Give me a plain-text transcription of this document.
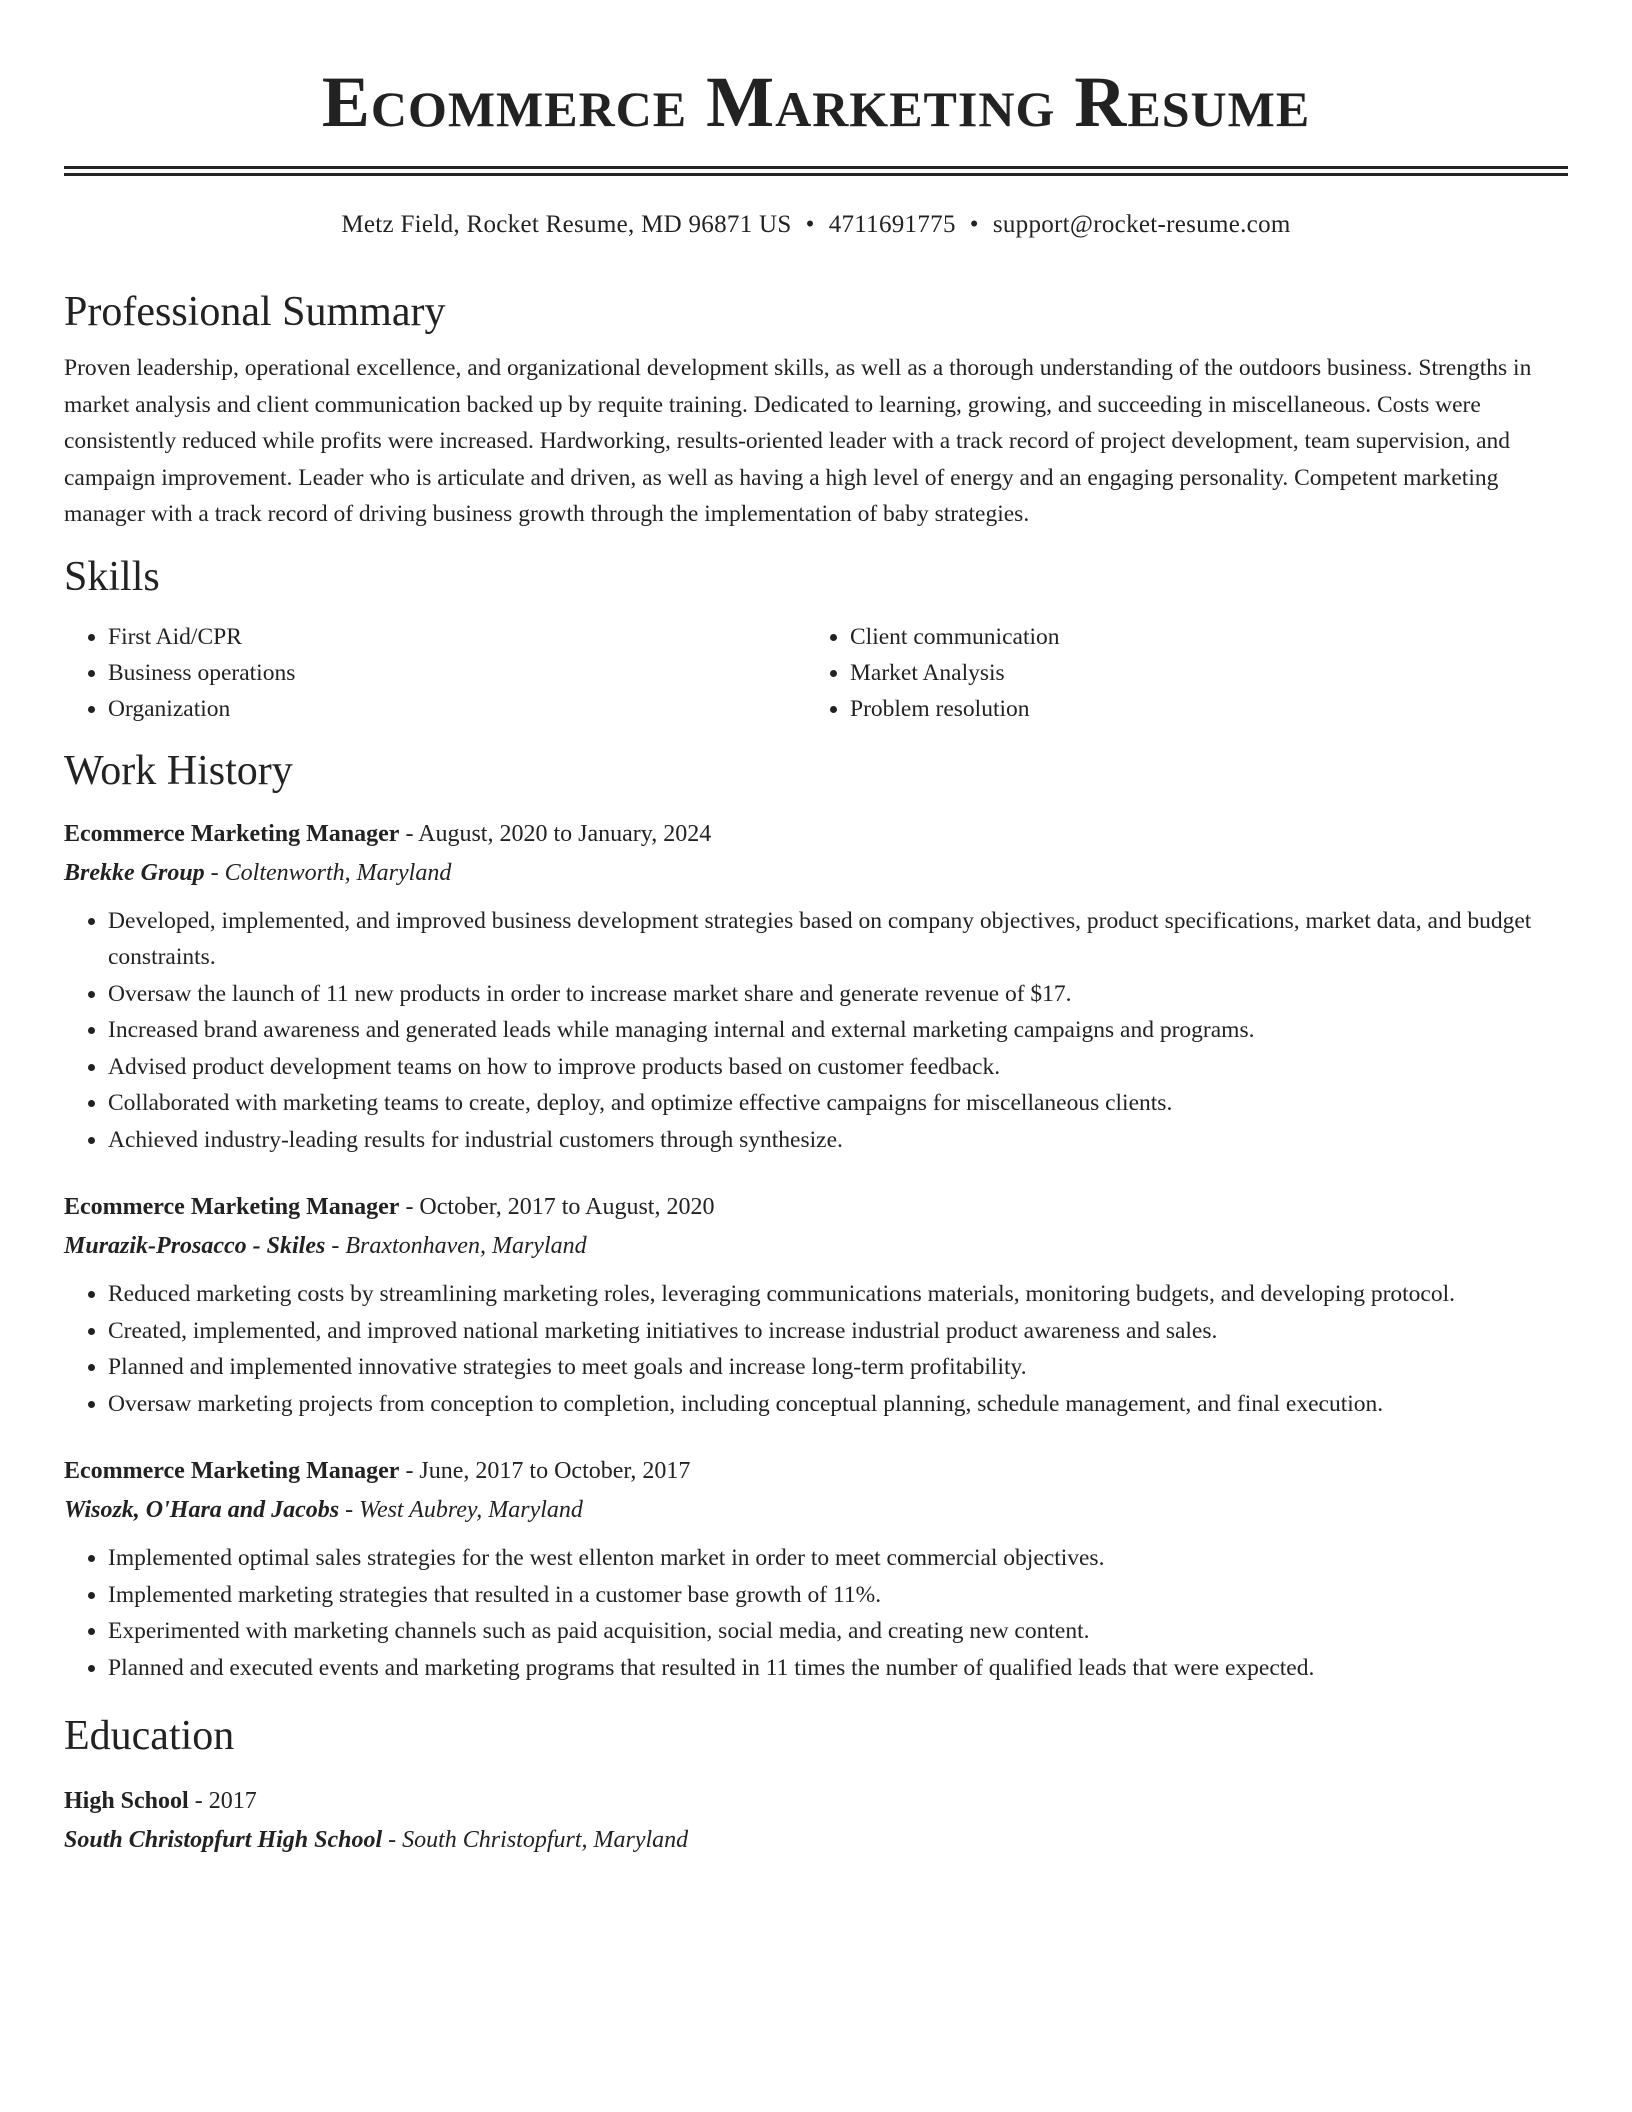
Ecommerce Marketing Resume
Metz Field, Rocket Resume, MD 96871 US • 4711691775 • support@rocket-resume.com
Professional Summary
Proven leadership, operational excellence, and organizational development skills, as well as a thorough understanding of the outdoors business. Strengths in market analysis and client communication backed up by requite training. Dedicated to learning, growing, and succeeding in miscellaneous. Costs were consistently reduced while profits were increased. Hardworking, results-oriented leader with a track record of project development, team supervision, and campaign improvement. Leader who is articulate and driven, as well as having a high level of energy and an engaging personality. Competent marketing manager with a track record of driving business growth through the implementation of baby strategies.
Skills
• First Aid/CPR
• Business operations
• Organization
• Client communication
• Market Analysis
• Problem resolution
Work History
Ecommerce Marketing Manager - August, 2020 to January, 2024
Brekke Group - Coltenworth, Maryland
• Developed, implemented, and improved business development strategies based on company objectives, product specifications, market data, and budget constraints.
• Oversaw the launch of 11 new products in order to increase market share and generate revenue of $17.
• Increased brand awareness and generated leads while managing internal and external marketing campaigns and programs.
• Advised product development teams on how to improve products based on customer feedback.
• Collaborated with marketing teams to create, deploy, and optimize effective campaigns for miscellaneous clients.
• Achieved industry-leading results for industrial customers through synthesize.
Ecommerce Marketing Manager - October, 2017 to August, 2020
Murazik-Prosacco - Skiles - Braxtonhaven, Maryland
• Reduced marketing costs by streamlining marketing roles, leveraging communications materials, monitoring budgets, and developing protocol.
• Created, implemented, and improved national marketing initiatives to increase industrial product awareness and sales.
• Planned and implemented innovative strategies to meet goals and increase long-term profitability.
• Oversaw marketing projects from conception to completion, including conceptual planning, schedule management, and final execution.
Ecommerce Marketing Manager - June, 2017 to October, 2017
Wisozk, O'Hara and Jacobs - West Aubrey, Maryland
• Implemented optimal sales strategies for the west ellenton market in order to meet commercial objectives.
• Implemented marketing strategies that resulted in a customer base growth of 11%.
• Experimented with marketing channels such as paid acquisition, social media, and creating new content.
• Planned and executed events and marketing programs that resulted in 11 times the number of qualified leads that were expected.
Education
High School - 2017
South Christopfurt High School - South Christopfurt, Maryland
